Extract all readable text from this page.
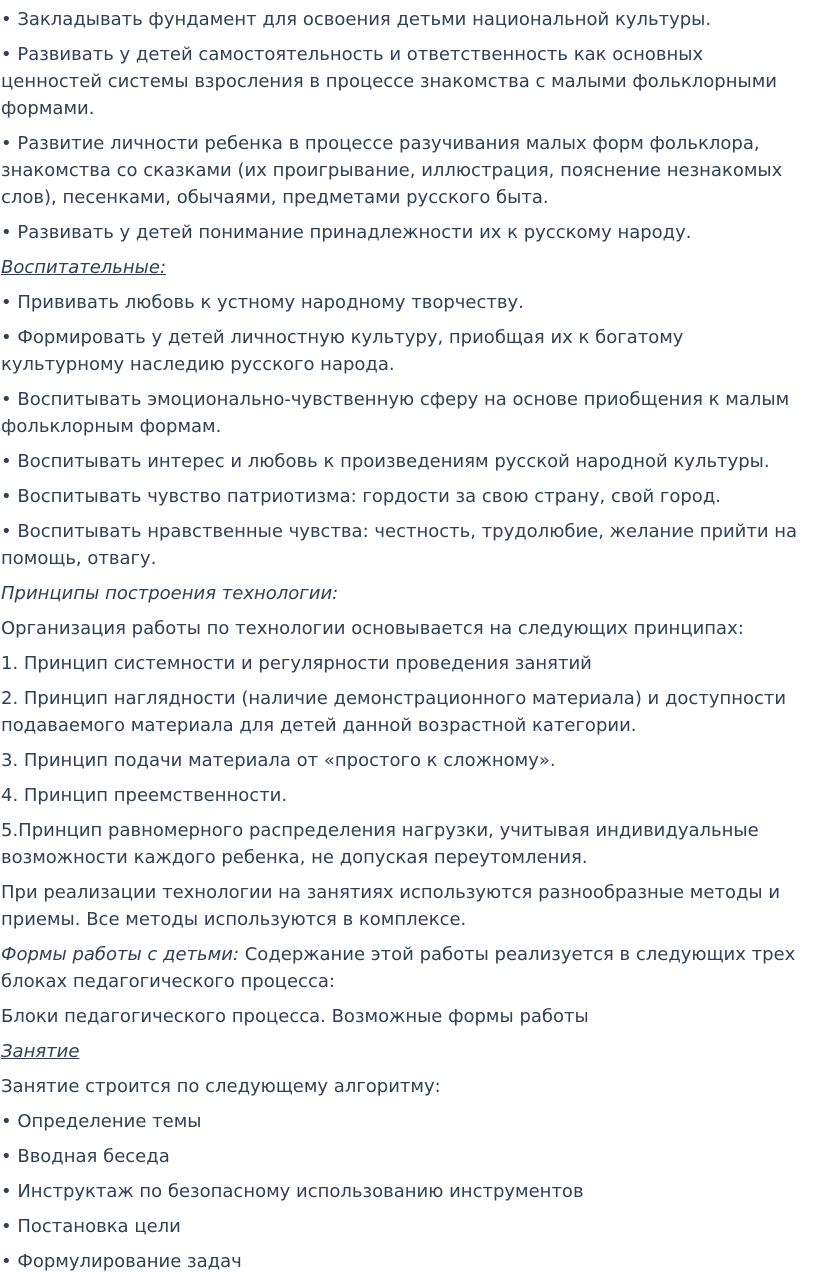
• Закладывать фундамент для освоения детьми национальной культуры.

• Развивать у детей самостоятельность и ответственность как основных ценностей системы взросления в процессе знакомства с малыми фольклорными формами.

• Развитие личности ребенка в процессе разучивания малых форм фольклора, знакомства со сказками (их проигрывание, иллюстрация, пояснение незнакомых слов), песенками, обычаями, предметами русского быта.

• Развивать у детей понимание принадлежности их к русскому народу.

Воспитательные:

• Прививать любовь к устному народному творчеству.

• Формировать у детей личностную культуру, приобщая их к богатому культурному наследию русского народа.

• Воспитывать эмоционально-чувственную сферу на основе приобщения к малым фольклорным формам.

• Воспитывать интерес и любовь к произведениям русской народной культуры.

• Воспитывать чувство патриотизма: гордости за свою страну, свой город.

• Воспитывать нравственные чувства: честность, трудолюбие, желание прийти на помощь, отвагу.

Принципы построения технологии:

Организация работы по технологии основывается на следующих принципах:

1. Принцип системности и регулярности проведения занятий

2. Принцип наглядности (наличие демонстрационного материала) и доступности подаваемого материала для детей данной возрастной категории.

3. Принцип подачи материала от «простого к сложному».

4. Принцип преемственности.

5.Принцип равномерного распределения нагрузки, учитывая индивидуальные возможности каждого ребенка, не допуская переутомления.

При реализации технологии на занятиях используются разнообразные методы и приемы. Все методы используются в комплексе.

Формы работы с детьми: Содержание этой работы реализуется в следующих трех блоках педагогического процесса:

Блоки педагогического процесса. Возможные формы работы

Занятие

Занятие строится по следующему алгоритму:

• Определение темы

• Вводная беседа

• Инструктаж по безопасному использованию инструментов

• Постановка цели

• Формулирование задач
